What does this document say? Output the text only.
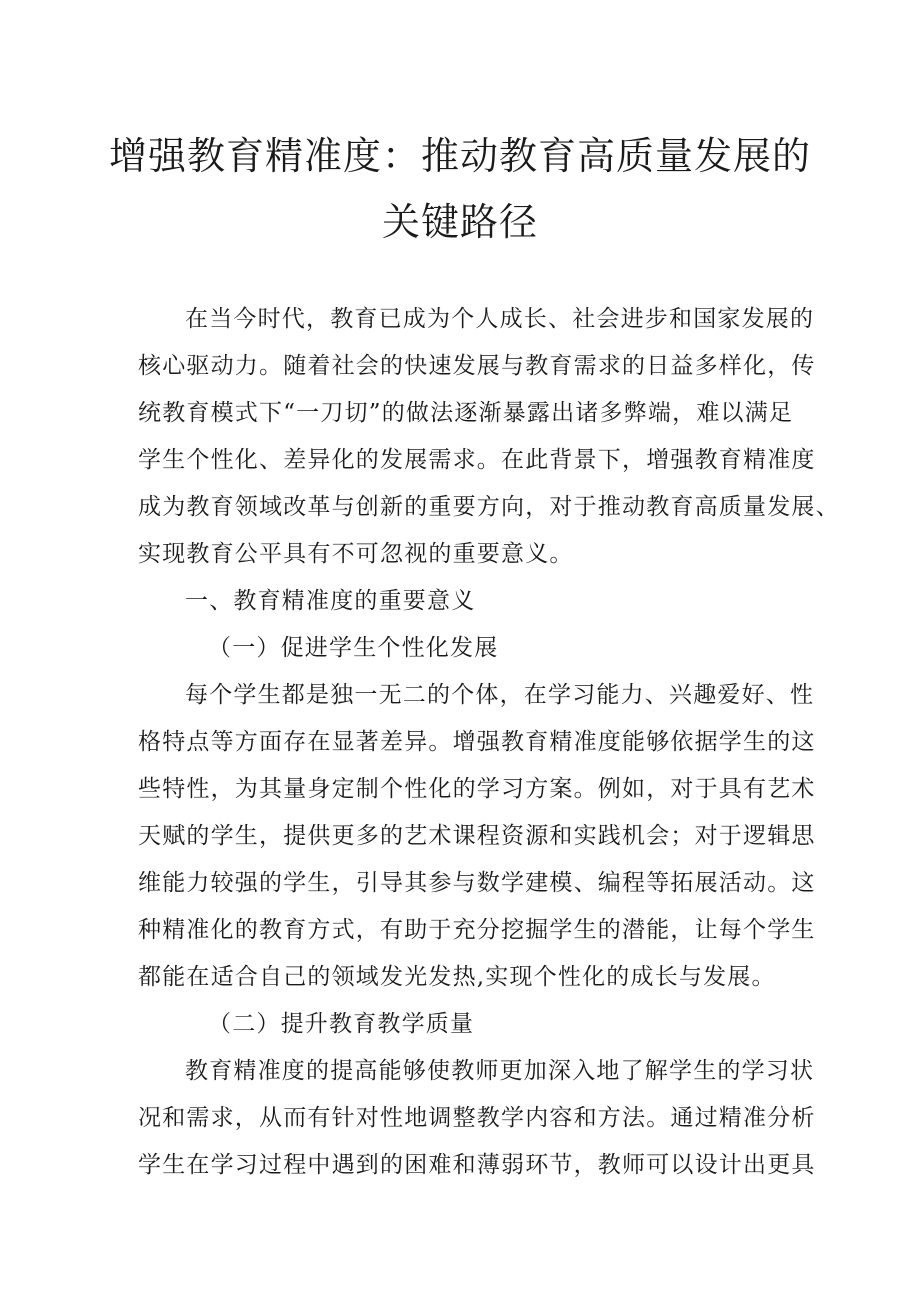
增强教育精准度：推动教育高质量发展的
关键路径
在当今时代，教育已成为个人成长、社会进步和国家发展的
核心驱动力。随着社会的快速发展与教育需求的日益多样化，传
统教育模式下“一刀切”的做法逐渐暴露出诸多弊端，难以满足
学生个性化、差异化的发展需求。在此背景下，增强教育精准度
成为教育领域改革与创新的重要方向，对于推动教育高质量发展、
实现教育公平具有不可忽视的重要意义。
一、教育精准度的重要意义
（一）促进学生个性化发展
每个学生都是独一无二的个体，在学习能力、兴趣爱好、性
格特点等方面存在显著差异。增强教育精准度能够依据学生的这
些特性，为其量身定制个性化的学习方案。例如，对于具有艺术
天赋的学生，提供更多的艺术课程资源和实践机会；对于逻辑思
维能力较强的学生，引导其参与数学建模、编程等拓展活动。这
种精准化的教育方式，有助于充分挖掘学生的潜能，让每个学生
都能在适合自己的领域发光发热,实现个性化的成长与发展。
（二）提升教育教学质量
教育精准度的提高能够使教师更加深入地了解学生的学习状
况和需求，从而有针对性地调整教学内容和方法。通过精准分析
学生在学习过程中遇到的困难和薄弱环节，教师可以设计出更具
